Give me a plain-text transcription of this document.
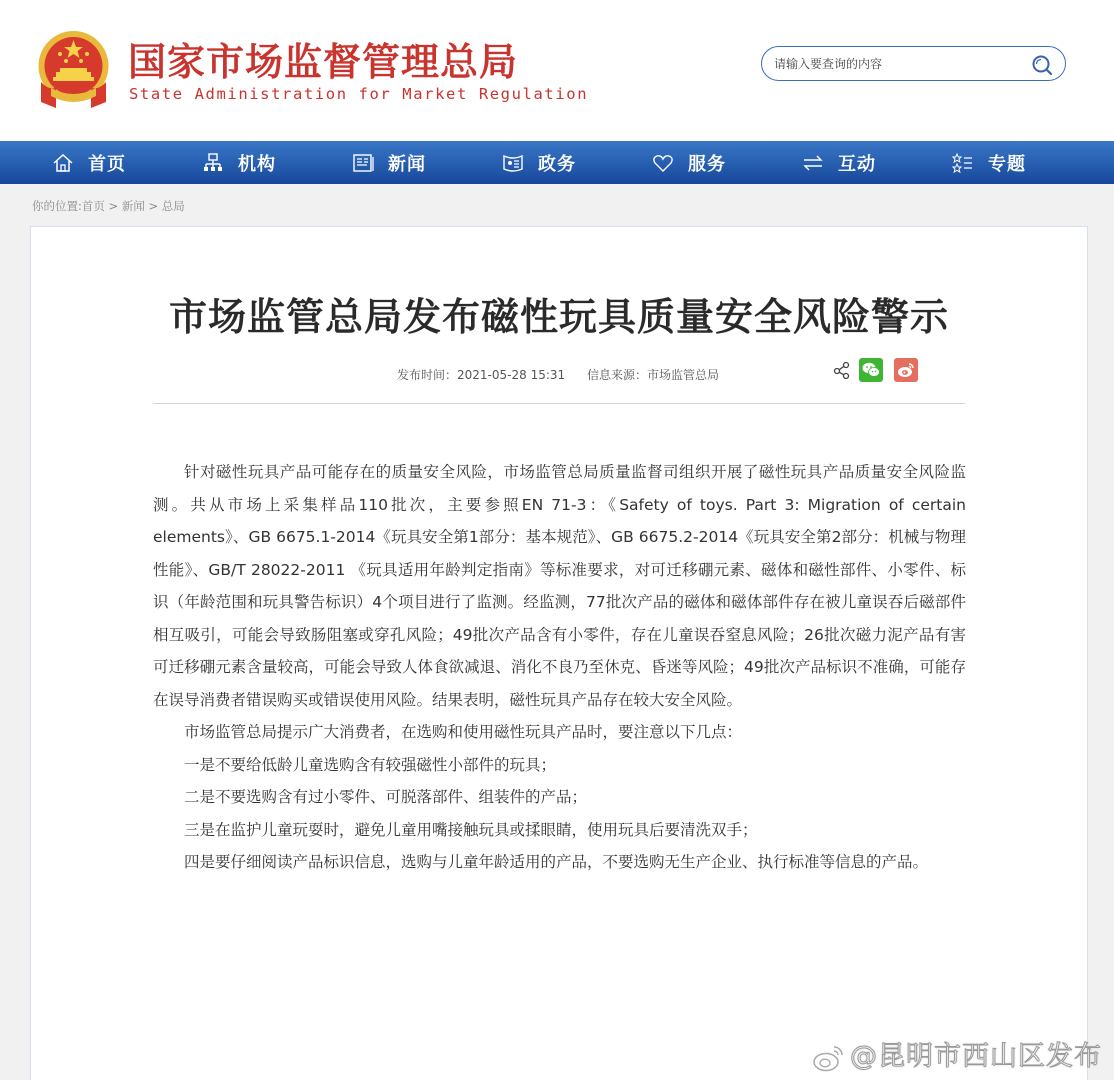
国家市场监督管理总局
State Administration for Market Regulation
请输入要查询的内容
首页	机构	新闻	政务	服务	互动	专题
你的位置:首页 > 新闻 > 总局
市场监管总局发布磁性玩具质量安全风险警示
发布时间：2021-05-28 15:31 信息来源：市场监管总局

针对磁性玩具产品可能存在的质量安全风险，市场监管总局质量监督司组织开展了磁性玩具产品质量安全风险监测。共从市场上采集样品110批次，主要参照EN 71-3：《Safety of toys. Part 3: Migration of certain elements》、GB 6675.1-2014《玩具安全第1部分：基本规范》、GB 6675.2-2014《玩具安全第2部分：机械与物理性能》、GB/T 28022-2011 《玩具适用年龄判定指南》等标准要求，对可迁移硼元素、磁体和磁性部件、小零件、标识（年龄范围和玩具警告标识）4个项目进行了监测。经监测，77批次产品的磁体和磁体部件存在被儿童误吞后磁部件相互吸引，可能会导致肠阻塞或穿孔风险；49批次产品含有小零件，存在儿童误吞窒息风险；26批次磁力泥产品有害可迁移硼元素含量较高，可能会导致人体食欲减退、消化不良乃至休克、昏迷等风险；49批次产品标识不准确，可能存在误导消费者错误购买或错误使用风险。结果表明，磁性玩具产品存在较大安全风险。

市场监管总局提示广大消费者，在选购和使用磁性玩具产品时，要注意以下几点：

一是不要给低龄儿童选购含有较强磁性小部件的玩具；

二是不要选购含有过小零件、可脱落部件、组装件的产品；

三是在监护儿童玩耍时，避免儿童用嘴接触玩具或揉眼睛，使用玩具后要清洗双手；

四是要仔细阅读产品标识信息，选购与儿童年龄适用的产品，不要选购无生产企业、执行标准等信息的产品。

@昆明市西山区发布
